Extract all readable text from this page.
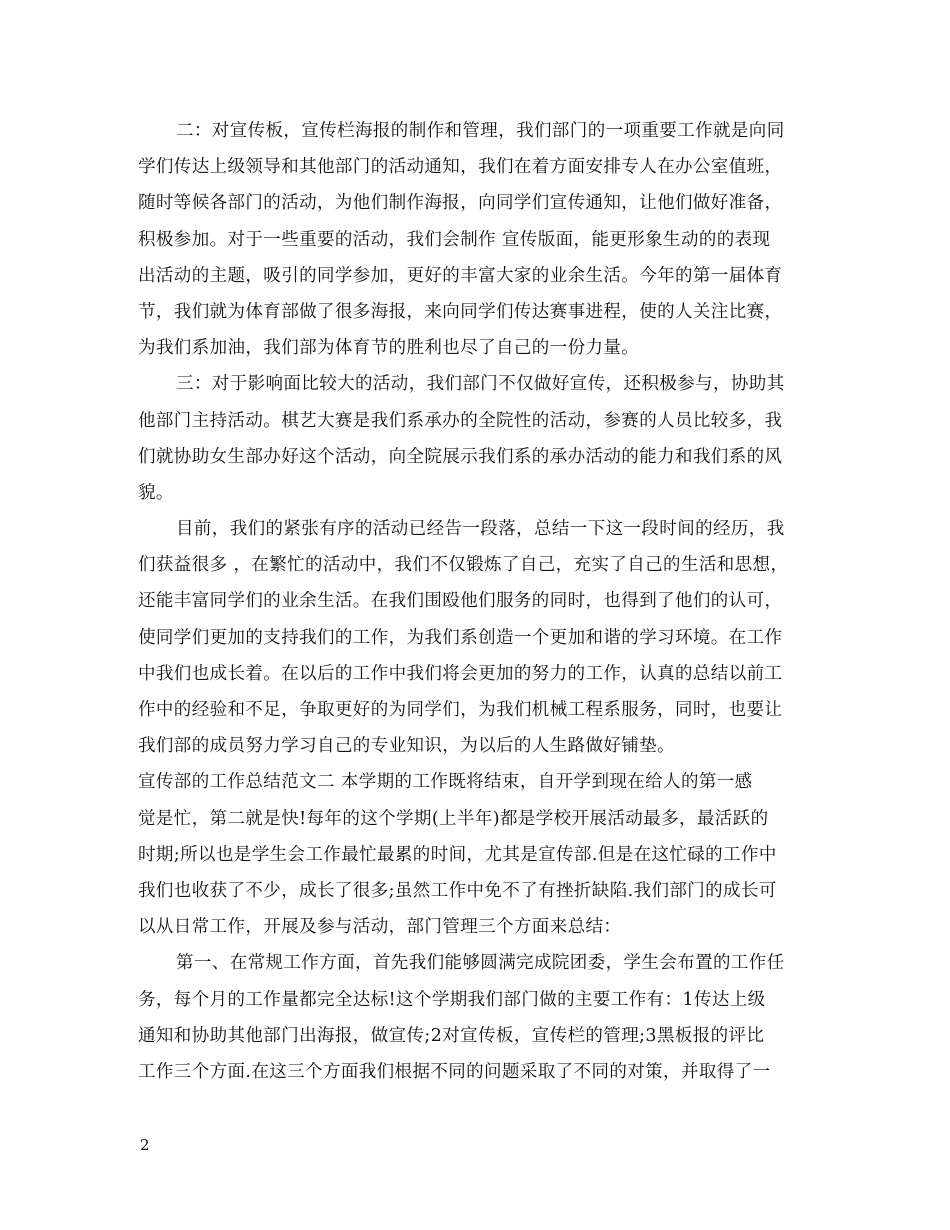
二：对宣传板，宣传栏海报的制作和管理，我们部门的一项重要工作就是向同
学们传达上级领导和其他部门的活动通知，我们在着方面安排专人在办公室值班，
随时等候各部门的活动，为他们制作海报，向同学们宣传通知，让他们做好准备，
积极参加。对于一些重要的活动，我们会制作 宣传版面，能更形象生动的的表现
出活动的主题，吸引的同学参加，更好的丰富大家的业余生活。今年的第一届体育
节，我们就为体育部做了很多海报，来向同学们传达赛事进程，使的人关注比赛，
为我们系加油，我们部为体育节的胜利也尽了自己的一份力量。
三：对于影响面比较大的活动，我们部门不仅做好宣传，还积极参与，协助其
他部门主持活动。棋艺大赛是我们系承办的全院性的活动，参赛的人员比较多，我
们就协助女生部办好这个活动，向全院展示我们系的承办活动的能力和我们系的风
貌。
目前，我们的紧张有序的活动已经告一段落，总结一下这一段时间的经历，我
们获益很多 ，在繁忙的活动中，我们不仅锻炼了自己，充实了自己的生活和思想，
还能丰富同学们的业余生活。在我们围殴他们服务的同时，也得到了他们的认可，
使同学们更加的支持我们的工作，为我们系创造一个更加和谐的学习环境。在工作
中我们也成长着。在以后的工作中我们将会更加的努力的工作，认真的总结以前工
作中的经验和不足，争取更好的为同学们，为我们机械工程系服务，同时，也要让
我们部的成员努力学习自己的专业知识，为以后的人生路做好铺垫。
宣传部的工作总结范文二 本学期的工作既将结束，自开学到现在给人的第一感
觉是忙，第二就是快!每年的这个学期(上半年)都是学校开展活动最多，最活跃的
时期;所以也是学生会工作最忙最累的时间，尤其是宣传部.但是在这忙碌的工作中
我们也收获了不少，成长了很多;虽然工作中免不了有挫折缺陷.我们部门的成长可
以从日常工作，开展及参与活动，部门管理三个方面来总结：
第一、在常规工作方面，首先我们能够圆满完成院团委，学生会布置的工作任
务，每个月的工作量都完全达标!这个学期我们部门做的主要工作有：1传达上级
通知和协助其他部门出海报，做宣传;2对宣传板，宣传栏的管理;3黑板报的评比
工作三个方面.在这三个方面我们根据不同的问题采取了不同的对策，并取得了一
2
